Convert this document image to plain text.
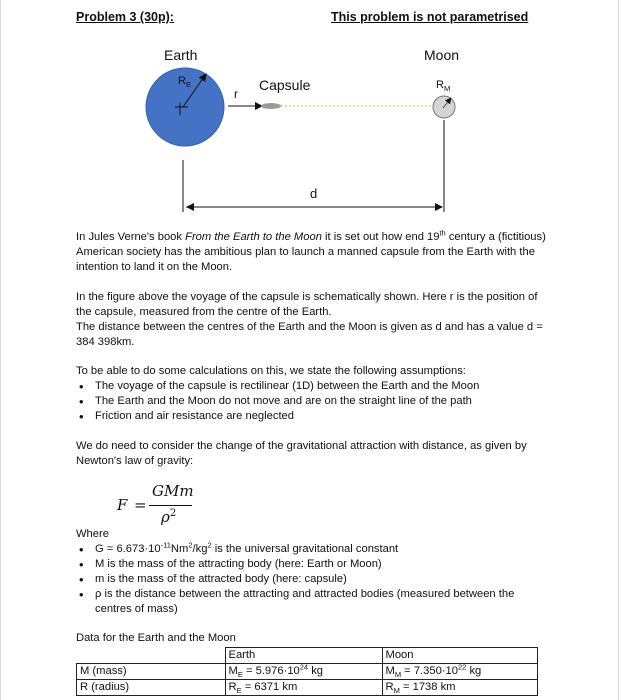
Problem 3 (30p):	This problem is not parametrised
Earth	Moon
Capsule
$R_E$	$R_M$
r
d

In Jules Verne's book From the Earth to the Moon it is set out how end 19th century a (fictitious) American society has the ambitious plan to launch a manned capsule from the Earth with the intention to land it on the Moon.

In the figure above the voyage of the capsule is schematically shown. Here r is the position of the capsule, measured from the centre of the Earth.

The distance between the centres of the Earth and the Moon is given as d and has a value d = 384 398km.

To be able to do some calculations on this, we state the following assumptions:
• The voyage of the capsule is rectilinear (1D) between the Earth and the Moon
• The Earth and the Moon do not move and are on the straight line of the path
• Friction and air resistance are neglected
We do need to consider the change of the gravitational attraction with distance, as given by Newton's law of gravity:
F =
GMm
$\rho^2$
Where
• $G = 6.673\cdot 10^{-11}Nm^2/kg^2$ is the universal gravitational constant
• M is the mass of the attracting body (here: Earth or Moon)
• m is the mass of the attracted body (here: capsule)
• ρ is the distance between the attracting and attracted bodies (measured between the centres of mass)
Data for the Earth and the Moon
	Earth	Moon
M (mass)	$M_E = 5.976\cdot 10^{24}$ kg	$M_M = 7.350\cdot 10^{22}$ kg
R (radius)	$R_E = 6371$ km	$R_M = 1738$ km
